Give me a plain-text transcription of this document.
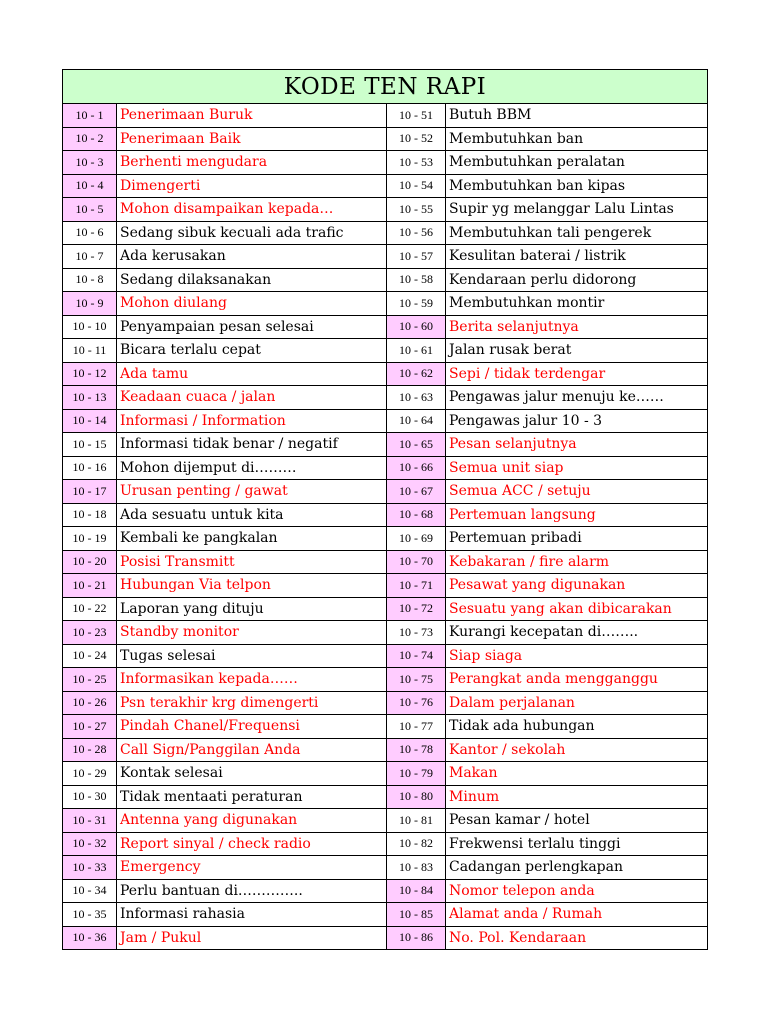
KODE TEN RAPI			
10 - 1	Penerimaan Buruk	10 - 51	Butuh BBM
10 - 2	Penerimaan Baik	10 - 52	Membutuhkan ban
10 - 3	Berhenti mengudara	10 - 53	Membutuhkan peralatan
10 - 4	Dimengerti	10 - 54	Membutuhkan ban kipas
10 - 5	Mohon disampaikan kepada…	10 - 55	Supir yg melanggar Lalu Lintas
10 - 6	Sedang sibuk kecuali ada trafic	10 - 56	Membutuhkan tali pengerek
10 - 7	Ada kerusakan	10 - 57	Kesulitan baterai / listrik
10 - 8	Sedang dilaksanakan	10 - 58	Kendaraan perlu didorong
10 - 9	Mohon diulang	10 - 59	Membutuhkan montir
10 - 10	Penyampaian pesan selesai	10 - 60	Berita selanjutnya
10 - 11	Bicara terlalu cepat	10 - 61	Jalan rusak berat
10 - 12	Ada tamu	10 - 62	Sepi / tidak terdengar
10 - 13	Keadaan cuaca / jalan	10 - 63	Pengawas jalur menuju ke……
10 - 14	Informasi / Information	10 - 64	Pengawas jalur 10 - 3
10 - 15	Informasi tidak benar / negatif	10 - 65	Pesan selanjutnya
10 - 16	Mohon dijemput di………	10 - 66	Semua unit siap
10 - 17	Urusan penting / gawat	10 - 67	Semua ACC / setuju
10 - 18	Ada sesuatu untuk kita	10 - 68	Pertemuan langsung
10 - 19	Kembali ke pangkalan	10 - 69	Pertemuan pribadi
10 - 20	Posisi Transmitt	10 - 70	Kebakaran / fire alarm
10 - 21	Hubungan Via telpon	10 - 71	Pesawat yang digunakan
10 - 22	Laporan yang dituju	10 - 72	Sesuatu yang akan dibicarakan
10 - 23	Standby monitor	10 - 73	Kurangi kecepatan di……..
10 - 24	Tugas selesai	10 - 74	Siap siaga
10 - 25	Informasikan kepada……	10 - 75	Perangkat anda mengganggu
10 - 26	Psn terakhir krg dimengerti	10 - 76	Dalam perjalanan
10 - 27	Pindah Chanel/Frequensi	10 - 77	Tidak ada hubungan
10 - 28	Call Sign/Panggilan Anda	10 - 78	Kantor / sekolah
10 - 29	Kontak selesai	10 - 79	Makan
10 - 30	Tidak mentaati peraturan	10 - 80	Minum
10 - 31	Antenna yang digunakan	10 - 81	Pesan kamar / hotel
10 - 32	Report sinyal / check radio	10 - 82	Frekwensi terlalu tinggi
10 - 33	Emergency	10 - 83	Cadangan perlengkapan
10 - 34	Perlu bantuan di…………..	10 - 84	Nomor telepon anda
10 - 35	Informasi rahasia	10 - 85	Alamat anda / Rumah
10 - 36	Jam / Pukul	10 - 86	No. Pol. Kendaraan
